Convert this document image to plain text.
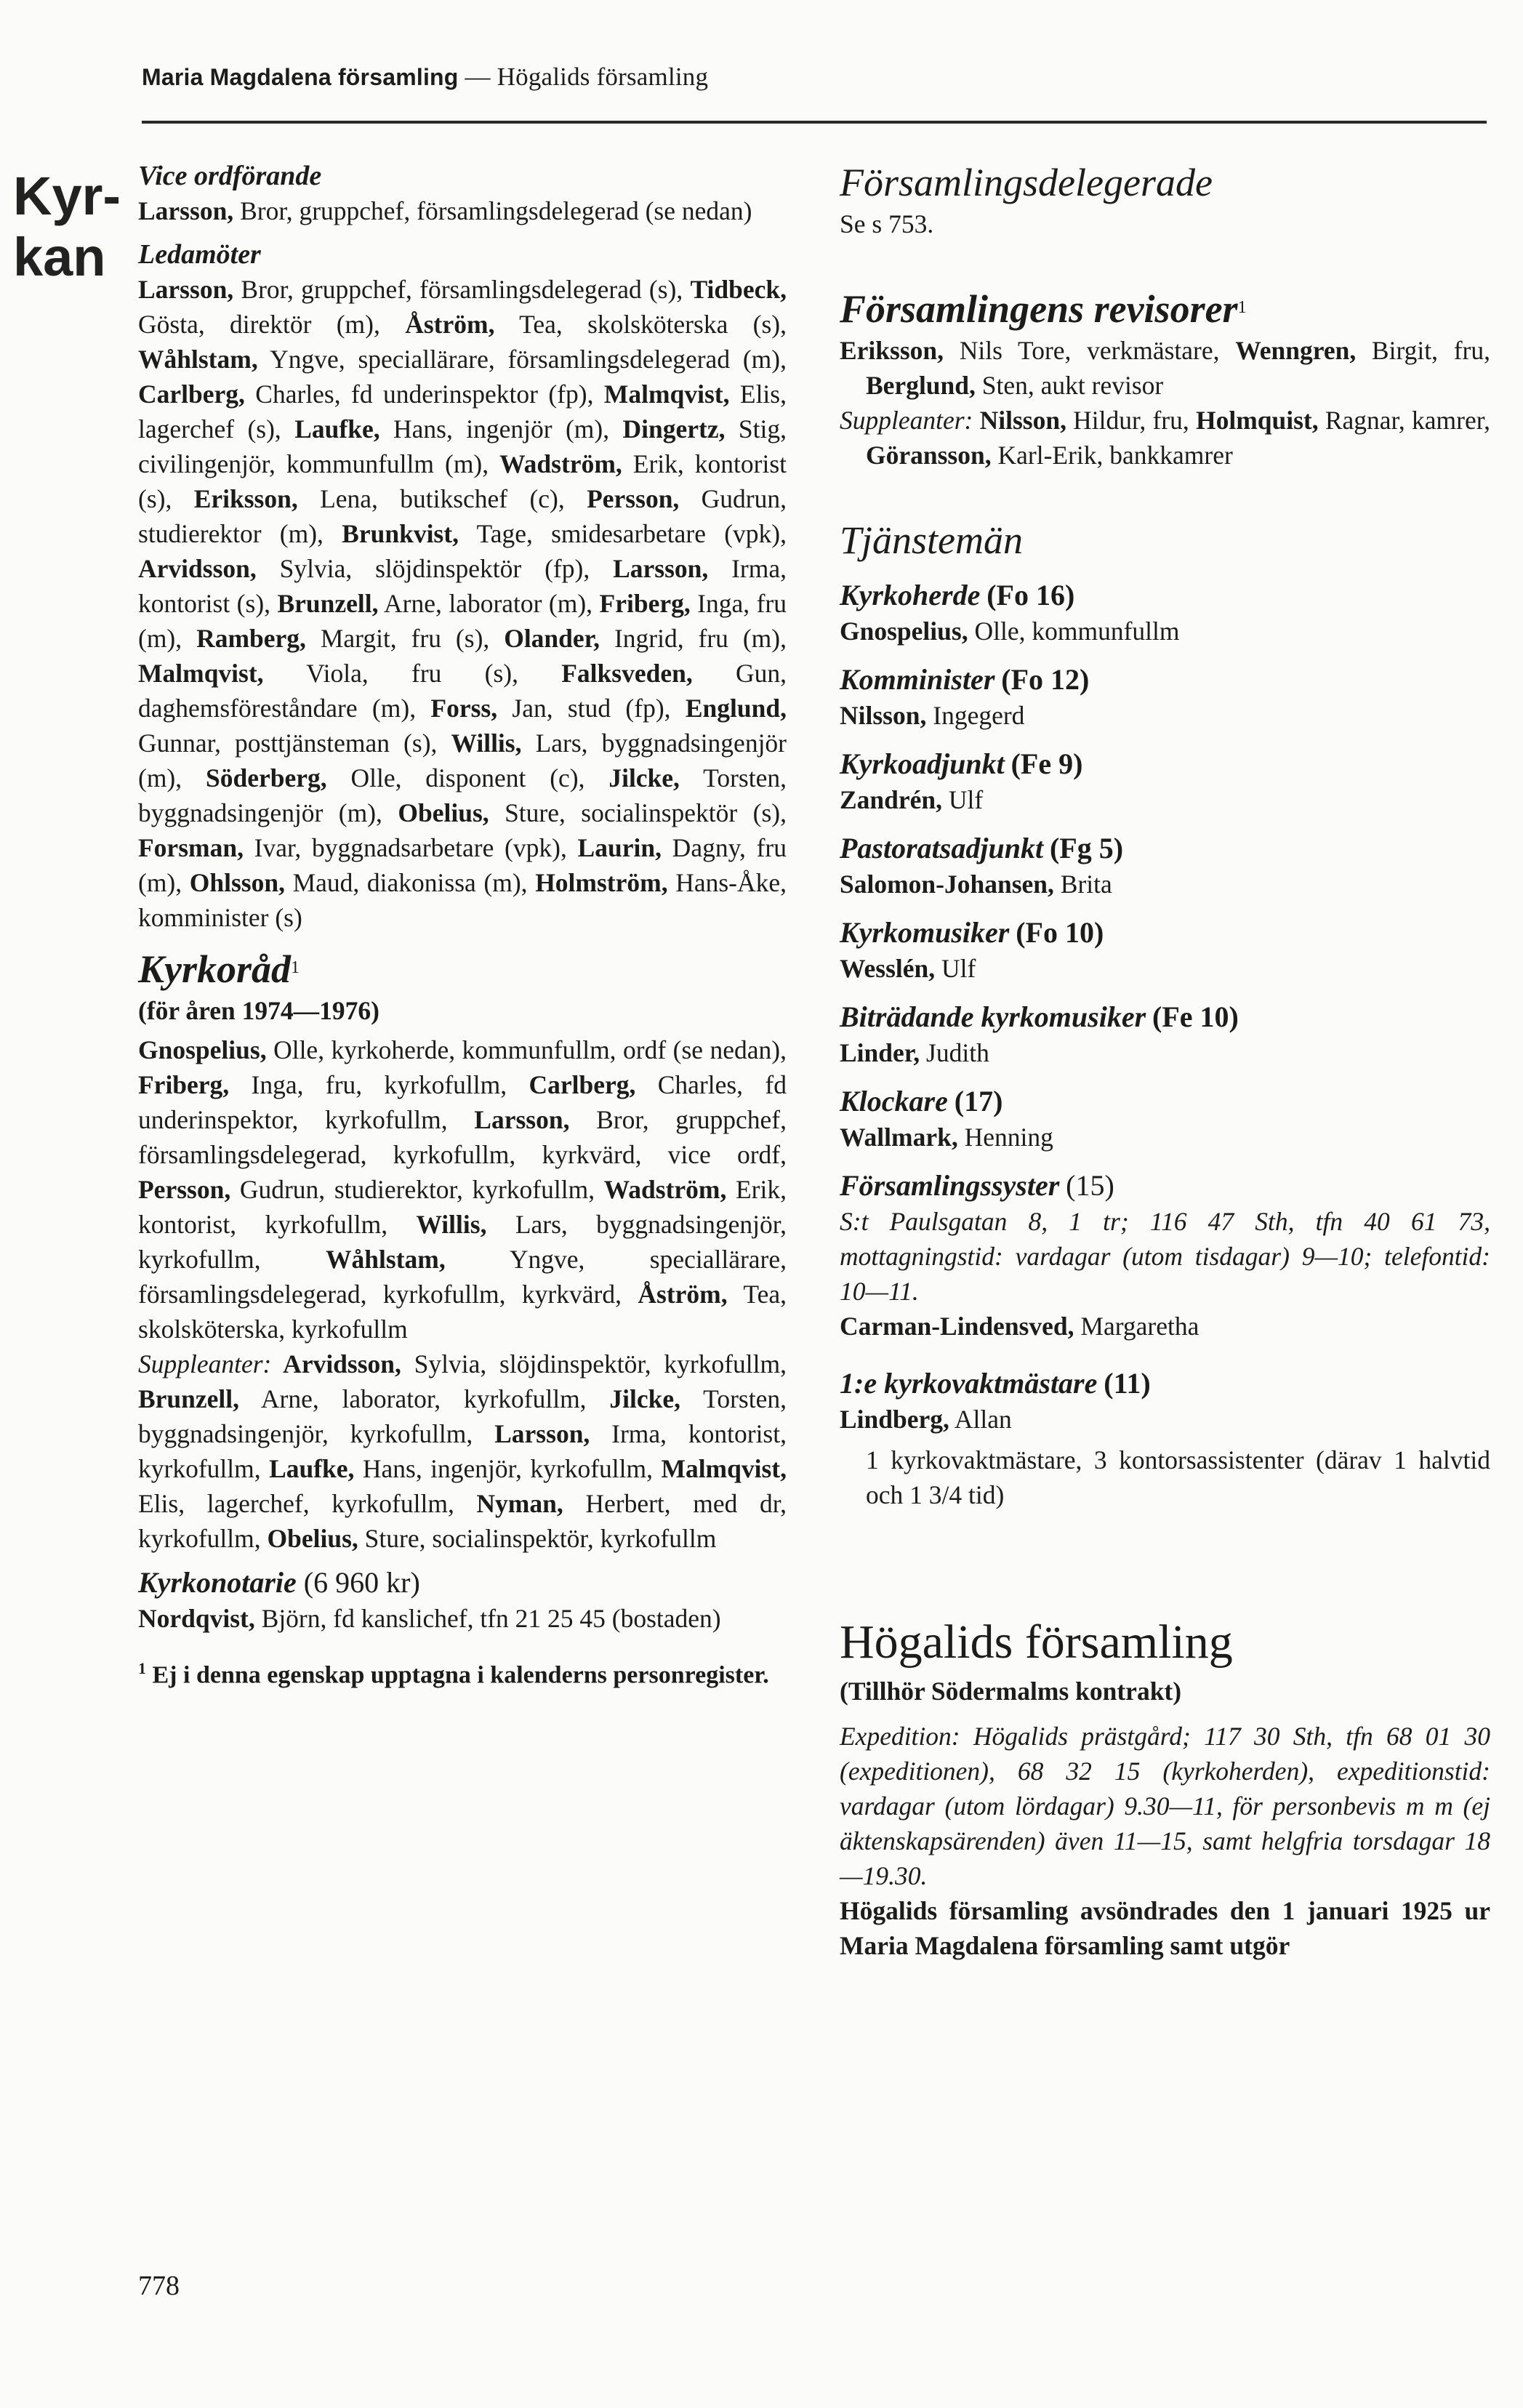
Maria Magdalena församling — Högalids församling
Kyr-
kan
Vice ordförande
Larsson, Bror, gruppchef, församlingsdelegerad (se nedan)
Ledamöter
Larsson, Bror, gruppchef, församlingsdelegerad (s), Tidbeck, Gösta, direktör (m), Åström, Tea, skolsköterska (s), Wåhlstam, Yngve, speciallärare, församlingsdelegerad (m), Carlberg, Charles, fd underinspektor (fp), Malmqvist, Elis, lagerchef (s), Laufke, Hans, ingenjör (m), Dingertz, Stig, civilingenjör, kommunfullm (m), Wadström, Erik, kontorist (s), Eriksson, Lena, butikschef (c), Persson, Gudrun, studierektor (m), Brunkvist, Tage, smidesarbetare (vpk), Arvidsson, Sylvia, slöjdinspektör (fp), Larsson, Irma, kontorist (s), Brunzell, Arne, laborator (m), Friberg, Inga, fru (m), Ramberg, Margit, fru (s), Olander, Ingrid, fru (m), Malmqvist, Viola, fru (s), Falksveden, Gun, daghemsföreståndare (m), Forss, Jan, stud (fp), Englund, Gunnar, posttjänsteman (s), Willis, Lars, byggnadsingenjör (m), Söderberg, Olle, disponent (c), Jilcke, Torsten, byggnadsingenjör (m), Obelius, Sture, socialinspektör (s), Forsman, Ivar, byggnadsarbetare (vpk), Laurin, Dagny, fru (m), Ohlsson, Maud, diakonissa (m), Holmström, Hans-Åke, komminister (s)
Kyrkoråd$^1$
(för åren 1974—1976)
Gnospelius, Olle, kyrkoherde, kommunfullm, ordf (se nedan), Friberg, Inga, fru, kyrkofullm, Carlberg, Charles, fd underinspektor, kyrkofullm, Larsson, Bror, gruppchef, församlingsdelegerad, kyrkofullm, kyrkvärd, vice ordf, Persson, Gudrun, studierektor, kyrkofullm, Wadström, Erik, kontorist, kyrkofullm, Willis, Lars, byggnadsingenjör, kyrkofullm, Wåhlstam, Yngve, speciallärare, församlingsdelegerad, kyrkofullm, kyrkvärd, Åström, Tea, skolsköterska, kyrkofullm
Suppleanter: Arvidsson, Sylvia, slöjdinspektör, kyrkofullm, Brunzell, Arne, laborator, kyrkofullm, Jilcke, Torsten, byggnadsingenjör, kyrkofullm, Larsson, Irma, kontorist, kyrkofullm, Laufke, Hans, ingenjör, kyrkofullm, Malmqvist, Elis, lagerchef, kyrkofullm, Nyman, Herbert, med dr, kyrkofullm, Obelius, Sture, socialinspektör, kyrkofullm
Kyrkonotarie (6 960 kr)
Nordqvist, Björn, fd kanslichef, tfn 21 25 45 (bostaden)
$^1$ Ej i denna egenskap upptagna i kalenderns personregister.
Församlingsdelegerade
Se s 753.
Församlingens revisorer$^1$
Eriksson, Nils Tore, verkmästare, Wenngren, Birgit, fru, Berglund, Sten, aukt revisor
Suppleanter: Nilsson, Hildur, fru, Holmquist, Ragnar, kamrer, Göransson, Karl-Erik, bankkamrer
Tjänstemän
Kyrkoherde (Fo 16)
Gnospelius, Olle, kommunfullm
Komminister (Fo 12)
Nilsson, Ingegerd
Kyrkoadjunkt (Fe 9)
Zandrén, Ulf
Pastoratsadjunkt (Fg 5)
Salomon-Johansen, Brita
Kyrkomusiker (Fo 10)
Wesslén, Ulf
Biträdande kyrkomusiker (Fe 10)
Linder, Judith
Klockare (17)
Wallmark, Henning
Församlingssyster (15)
S:t Paulsgatan 8, 1 tr; 116 47 Sth, tfn 40 61 73, mottagningstid: vardagar (utom tisdagar) 9—10; telefontid: 10—11.
Carman-Lindensved, Margaretha
1:e kyrkovaktmästare (11)
Lindberg, Allan
1 kyrkovaktmästare, 3 kontorsassistenter (därav 1 halvtid och 1 3/4 tid)
Högalids församling
(Tillhör Södermalms kontrakt)
Expedition: Högalids prästgård; 117 30 Sth, tfn 68 01 30 (expeditionen), 68 32 15 (kyrkoherden), expeditionstid: vardagar (utom lördagar) 9.30—11, för personbevis m m (ej äktenskapsärenden) även 11—15, samt helgfria torsdagar 18—19.30.
Högalids församling avsöndrades den 1 januari 1925 ur Maria Magdalena församling samt utgör
778
